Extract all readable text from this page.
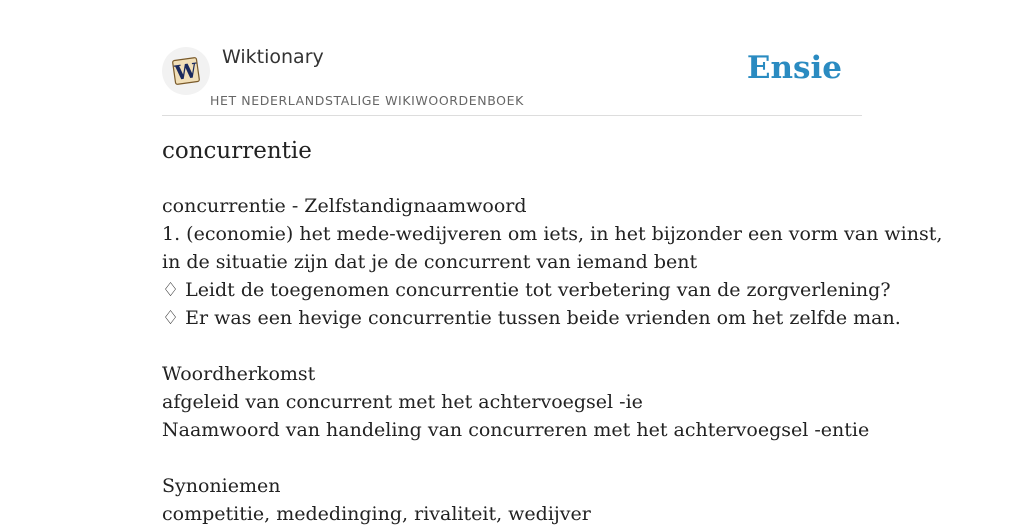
W
Wiktionary
HET NEDERLANDSTALIGE WIKIWOORDENBOEK
Ensie
concurrentie
concurrentie - Zelfstandignaamwoord
1. (economie) het mede-wedijveren om iets, in het bijzonder een vorm van winst,
in de situatie zijn dat je de concurrent van iemand bent
♢ Leidt de toegenomen concurrentie tot verbetering van de zorgverlening?
♢ Er was een hevige concurrentie tussen beide vrienden om het zelfde man.
Woordherkomst
afgeleid van concurrent met het achtervoegsel -ie
Naamwoord van handeling van concurreren met het achtervoegsel -entie
Synoniemen
competitie, mededinging, rivaliteit, wedijver
